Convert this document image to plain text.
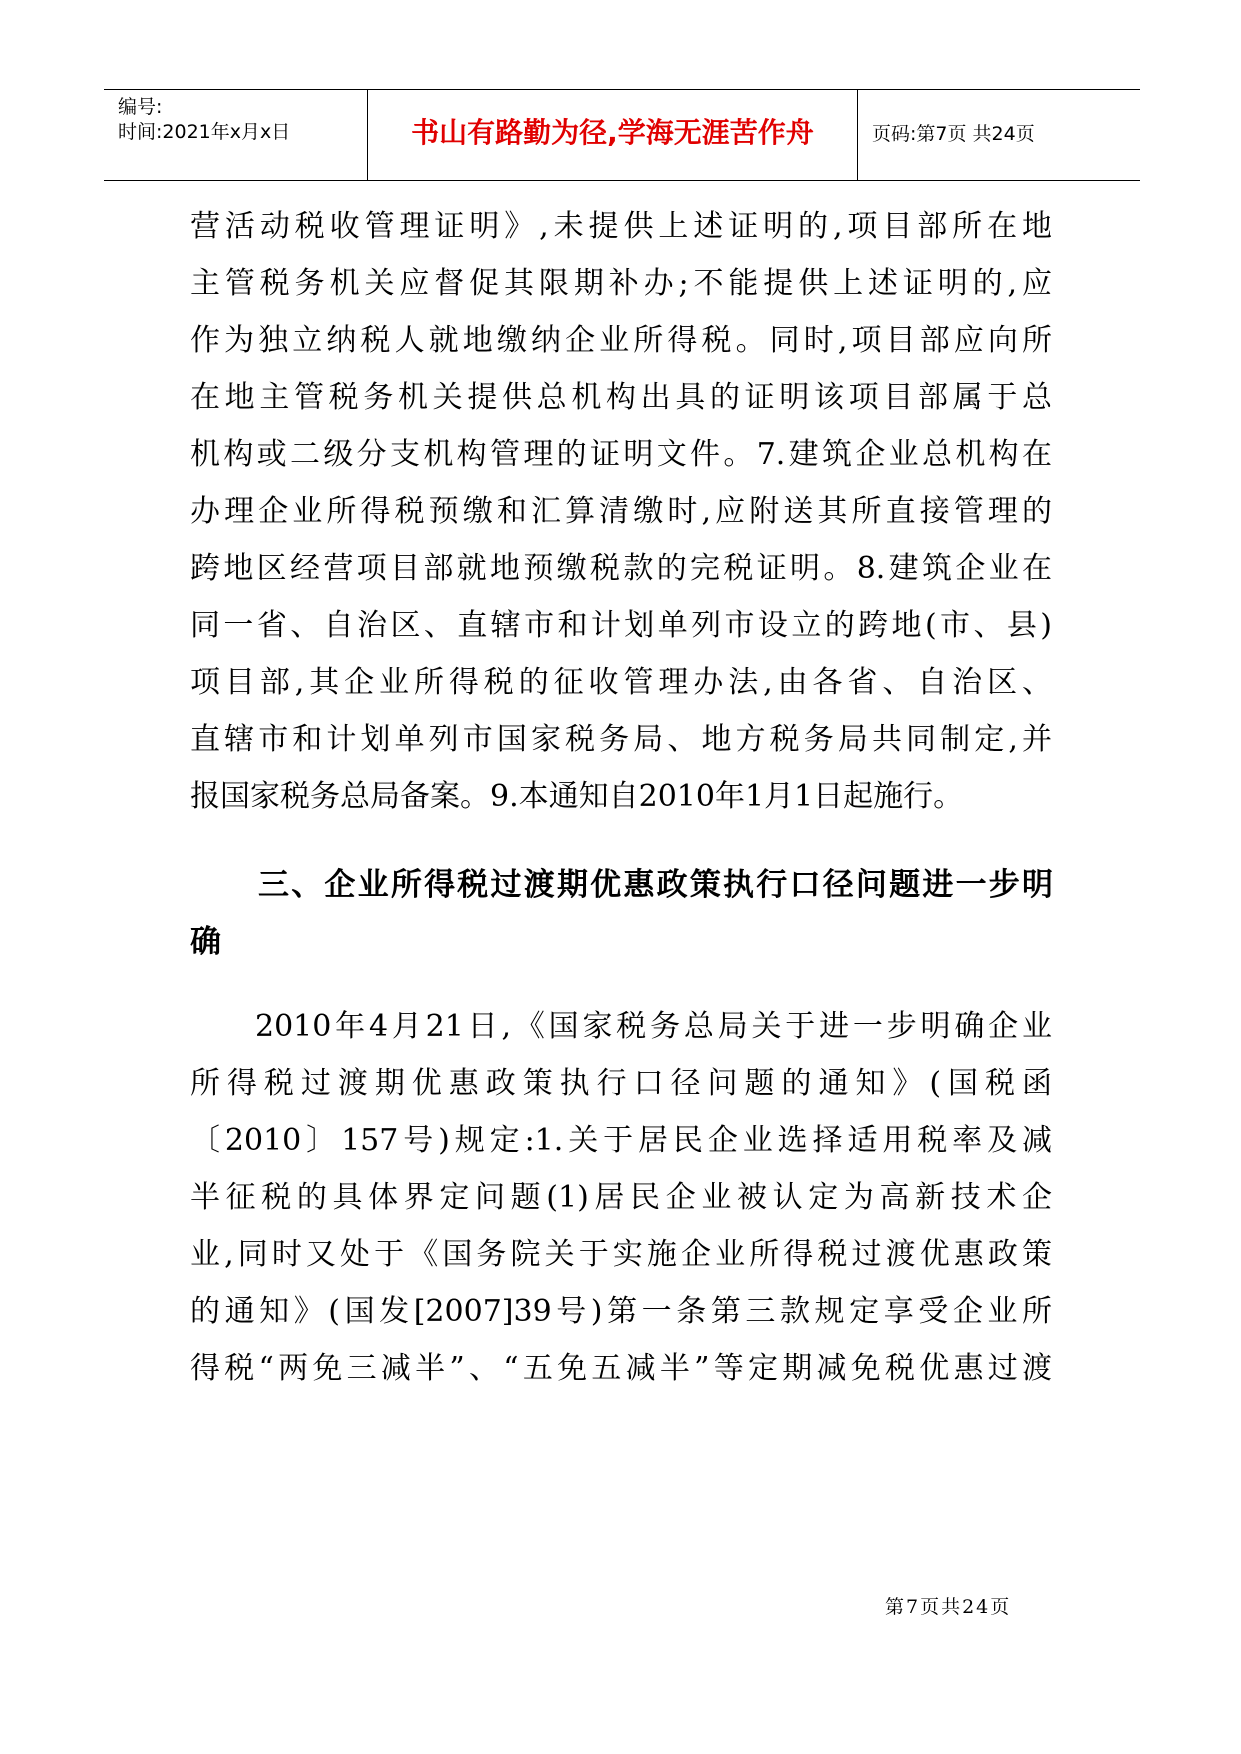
编号:
时间:2021年x月x日	书山有路勤为径,学海无涯苦作舟	页码:第7页 共24页
营活动税收管理证明》,未提供上述证明的,项目部所在地
主管税务机关应督促其限期补办;不能提供上述证明的,应
作为独立纳税人就地缴纳企业所得税。同时,项目部应向所
在地主管税务机关提供总机构出具的证明该项目部属于总
机构或二级分支机构管理的证明文件。7.建筑企业总机构在
办理企业所得税预缴和汇算清缴时,应附送其所直接管理的
跨地区经营项目部就地预缴税款的完税证明。8.建筑企业在
同一省、自治区、直辖市和计划单列市设立的跨地(市、县)
项目部,其企业所得税的征收管理办法,由各省、自治区、
直辖市和计划单列市国家税务局、地方税务局共同制定,并
报国家税务总局备案。9.本通知自2010年1月1日起施行。
三、企业所得税过渡期优惠政策执行口径问题进一步明
确
2010年4月21日,《国家税务总局关于进一步明确企业
所得税过渡期优惠政策执行口径问题的通知》(国税函
〔2010〕157号)规定:1.关于居民企业选择适用税率及减
半征税的具体界定问题(1)居民企业被认定为高新技术企
业,同时又处于《国务院关于实施企业所得税过渡优惠政策
的通知》(国发[2007]39号)第一条第三款规定享受企业所
得税“两免三减半”、“五免五减半”等定期减免税优惠过渡
第7页共24页
